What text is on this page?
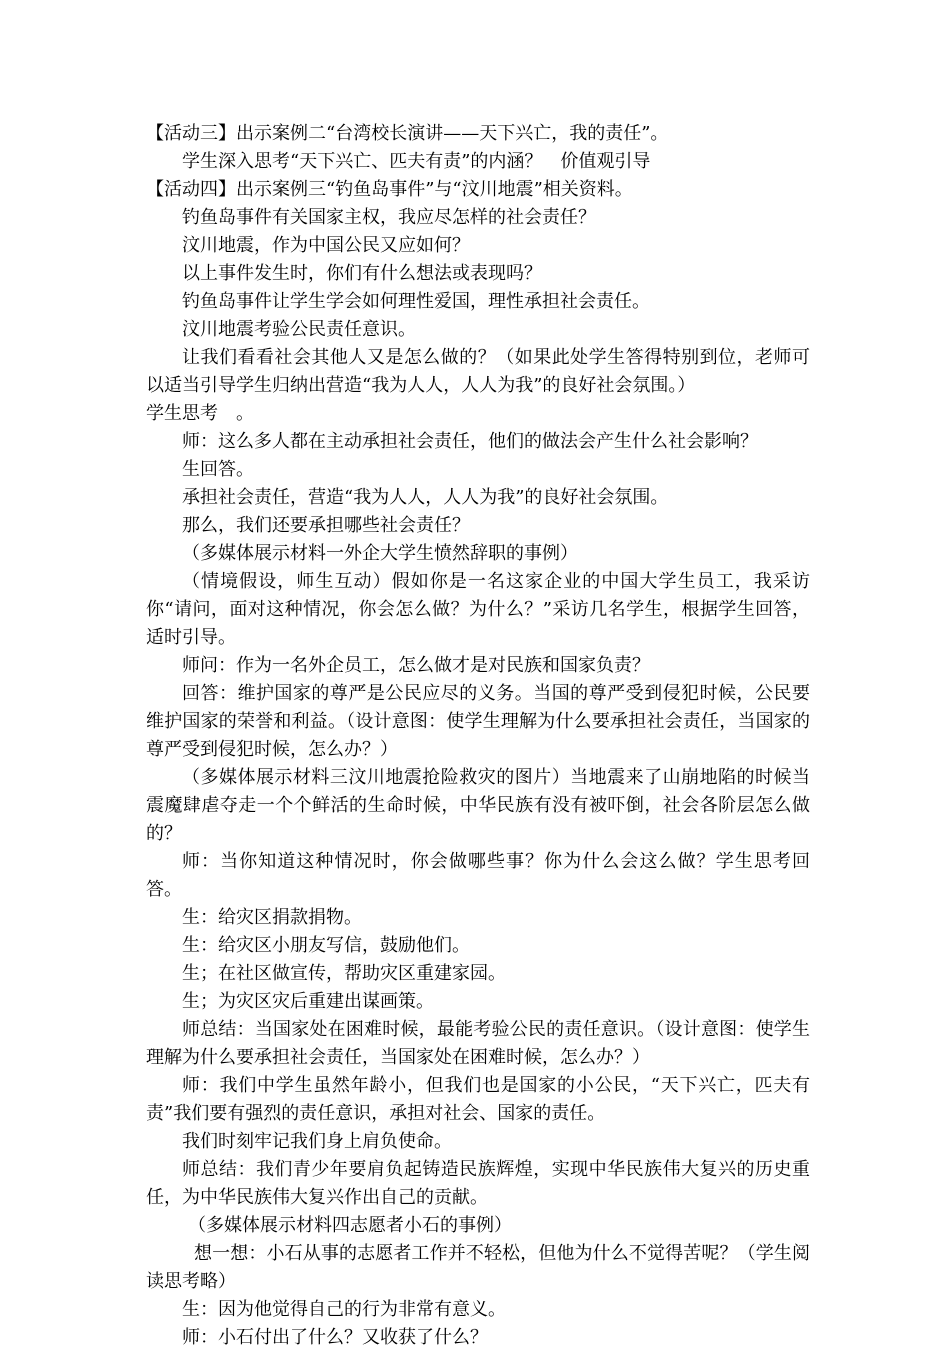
【活动三】出示案例二“台湾校长演讲——天下兴亡，我的责任”。

学生深入思考“天下兴亡、匹夫有责”的内涵？　价值观引导

【活动四】出示案例三“钓鱼岛事件”与“汶川地震”相关资料。

钓鱼岛事件有关国家主权，我应尽怎样的社会责任？

汶川地震，作为中国公民又应如何？

以上事件发生时，你们有什么想法或表现吗？

钓鱼岛事件让学生学会如何理性爱国，理性承担社会责任。

汶川地震考验公民责任意识。

让我们看看社会其他人又是怎么做的？（如果此处学生答得特别到位，老师可以适当引导学生归纳出营造“我为人人，人人为我”的良好社会氛围。）

学生思考　。

师：这么多人都在主动承担社会责任，他们的做法会产生什么社会影响？

生回答。

承担社会责任，营造“我为人人，人人为我”的良好社会氛围。

那么，我们还要承担哪些社会责任？

（多媒体展示材料一外企大学生愤然辞职的事例）

（情境假设，师生互动）假如你是一名这家企业的中国大学生员工，我采访你“请问，面对这种情况，你会怎么做？为什么？”采访几名学生，根据学生回答，适时引导。

师问：作为一名外企员工，怎么做才是对民族和国家负责？

回答：维护国家的尊严是公民应尽的义务。当国的尊严受到侵犯时候，公民要维护国家的荣誉和利益。（设计意图：使学生理解为什么要承担社会责任，当国家的尊严受到侵犯时候，怎么办？）

（多媒体展示材料三汶川地震抢险救灾的图片）当地震来了山崩地陷的时候当震魔肆虐夺走一个个鲜活的生命时候，中华民族有没有被吓倒，社会各阶层怎么做的？

师：当你知道这种情况时，你会做哪些事？你为什么会这么做？学生思考回答。

生：给灾区捐款捐物。

生：给灾区小朋友写信，鼓励他们。

生；在社区做宣传，帮助灾区重建家园。

生；为灾区灾后重建出谋画策。

师总结：当国家处在困难时候，最能考验公民的责任意识。（设计意图：使学生理解为什么要承担社会责任，当国家处在困难时候，怎么办？）

师：我们中学生虽然年龄小，但我们也是国家的小公民，“天下兴亡，匹夫有责”我们要有强烈的责任意识，承担对社会、国家的责任。

我们时刻牢记我们身上肩负使命。

师总结：我们青少年要肩负起铸造民族辉煌，实现中华民族伟大复兴的历史重任，为中华民族伟大复兴作出自己的贡献。

（多媒体展示材料四志愿者小石的事例）

想一想：小石从事的志愿者工作并不轻松，但他为什么不觉得苦呢？（学生阅读思考略）

生：因为他觉得自己的行为非常有意义。

师：小石付出了什么？又收获了什么？
